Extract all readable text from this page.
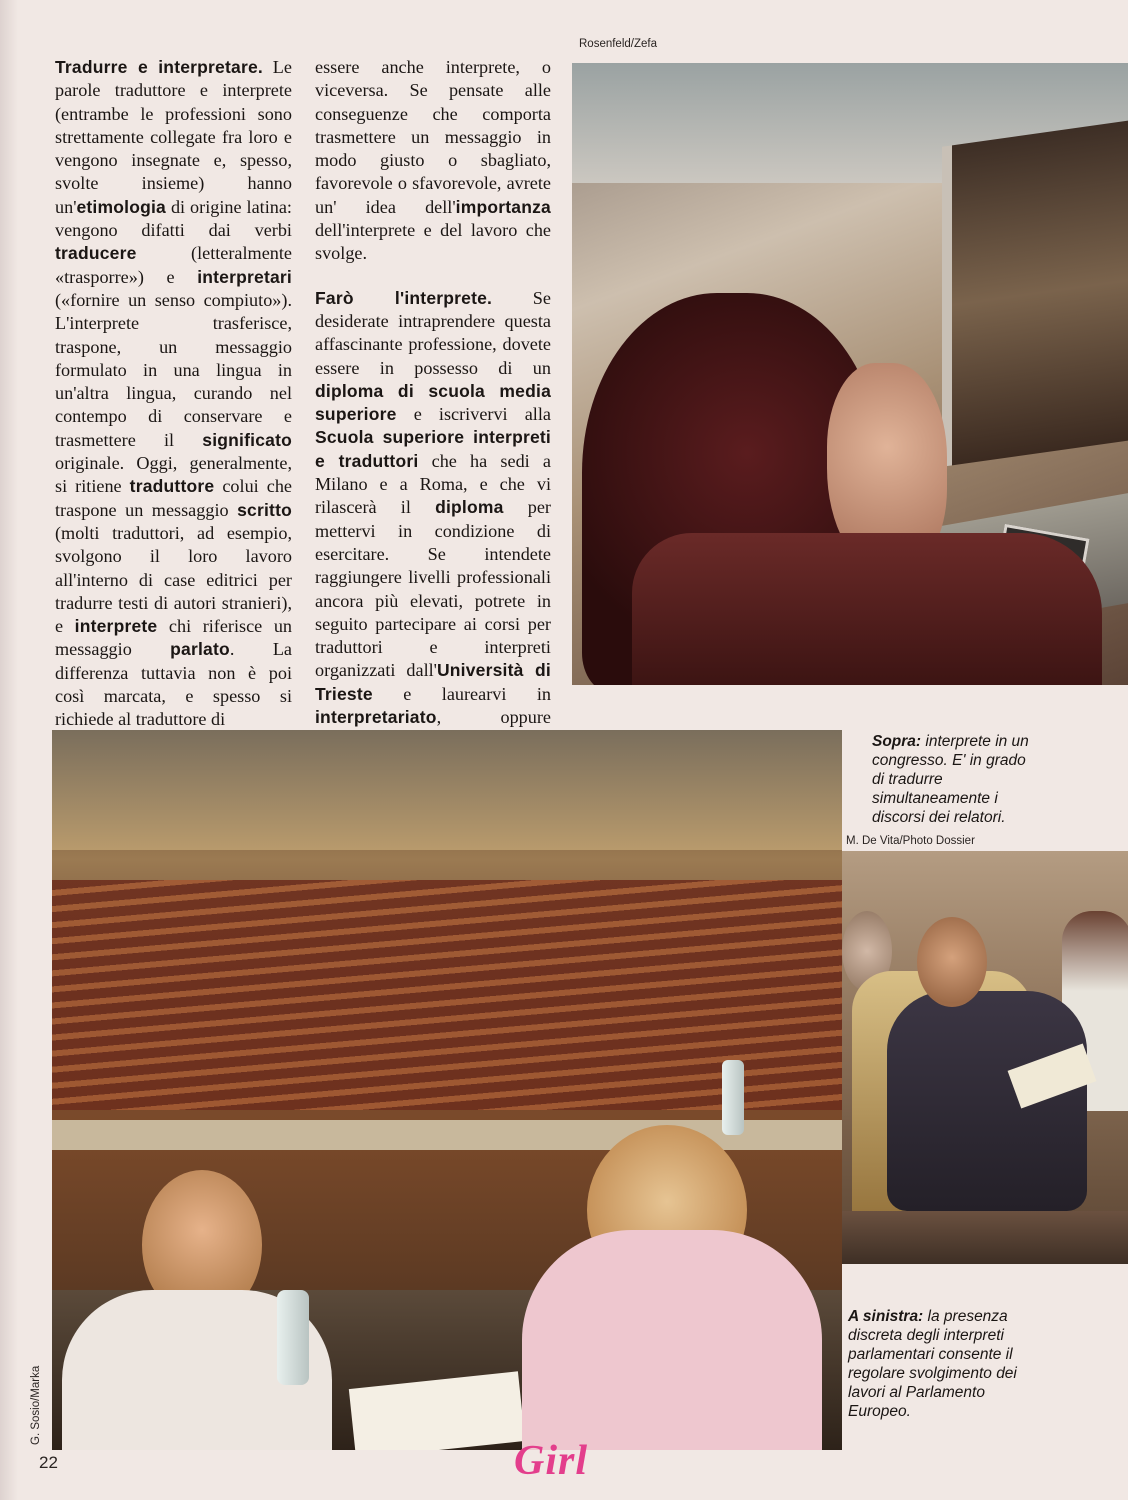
Tradurre e interpretare. Le parole traduttore e interprete (entrambe le professioni sono strettamente collegate fra loro e vengono insegnate e, spesso, svolte insieme) hanno un'etimologia di origine latina: vengono difatti dai verbi traducere (letteralmente «trasporre») e interpretari («fornire un senso compiuto»). L'interprete trasferisce, traspone, un messaggio formulato in una lingua in un'altra lingua, curando nel contempo di conservare e trasmettere il significato originale. Oggi, generalmente, si ritiene traduttore colui che traspone un messaggio scritto (molti traduttori, ad esempio, svolgono il loro lavoro all'interno di case editrici per tradurre testi di autori stranieri), e interprete chi riferisce un messaggio parlato. La differenza tuttavia non è poi così marcata, e spesso si richiede al traduttore di

essere anche interprete, o viceversa. Se pensate alle conseguenze che comporta trasmettere un messaggio in modo giusto o sbagliato, favorevole o sfavorevole, avrete un' idea dell'importanza dell'interprete e del lavoro che svolge.

Farò l'interprete. Se desiderate intraprendere questa affascinante professione, dovete essere in possesso di un diploma di scuola media superiore e iscrivervi alla Scuola superiore interpreti e traduttori che ha sedi a Milano e a Roma, e che vi rilascerà il diploma per mettervi in condizione di esercitare. Se intendete raggiungere livelli professionali ancora più elevati, potrete in seguito partecipare ai corsi per traduttori e interpreti organizzati dall'Università di Trieste e laurearvi in interpretariato, oppure

Rosenfeld/Zefa
Sopra: interprete in un congresso. E' in grado di tradurre simultaneamente i discorsi dei relatori.
M. De Vita/Photo Dossier
A sinistra: la presenza discreta degli interpreti parlamentari consente il regolare svolgimento dei lavori al Parlamento Europeo.
G. Sosio/Marka
22	Girl
